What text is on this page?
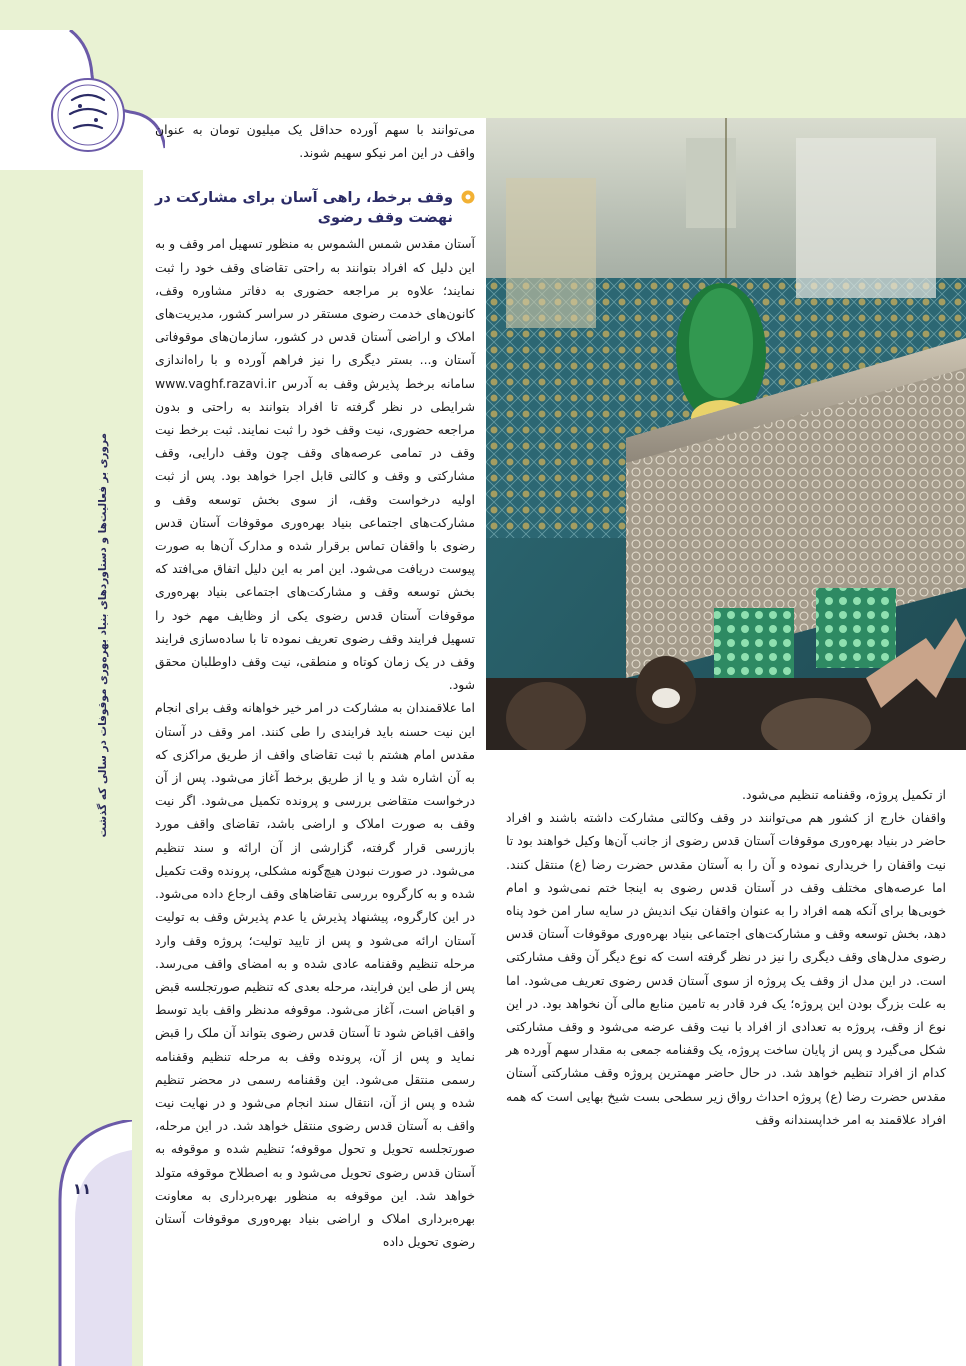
مروری بر فعالیت‌ها و دستاوردهای بنیاد بهره‌وری موقوفات در سالی که گذشت
۱۱

می‌توانند با سهم آورده حداقل یک میلیون تومان به عنوان واقف در این امر نیکو سهیم شوند.

وقف برخط، راهی آسان برای مشارکت در نهضت وقف رضوی

آستان مقدس شمس الشموس به منظور تسهیل امر وقف و به این دلیل که افراد بتوانند به راحتی تقاضای وقف خود را ثبت نمایند؛ علاوه بر مراجعه حضوری به دفاتر مشاوره وقف، کانون‌های خدمت رضوی مستقر در سراسر کشور، مدیریت‌های املاک و اراضی آستان قدس در کشور، سازمان‌های موقوفاتی آستان و... بستر دیگری را نیز فراهم آورده و با راه‌اندازی سامانه برخط پذیرش وقف به آدرس www.vaghf.razavi.ir شرایطی در نظر گرفته تا افراد بتوانند به راحتی و بدون مراجعه حضوری، نیت وقف خود را ثبت نمایند. ثبت برخط نیت وقف در تمامی عرصه‌های وقف چون وقف دارایی، وقف مشارکتی و وقف و کالتی قابل اجرا خواهد بود. پس از ثبت اولیه درخواست وقف، از سوی بخش توسعه وقف و مشارکت‌های اجتماعی بنیاد بهره‌وری موقوفات آستان قدس رضوی با واقفان تماس برقرار شده و مدارک آن‌ها به صورت پیوست دریافت می‌شود. این امر به این دلیل اتفاق می‌افتد که بخش توسعه وقف و مشارکت‌های اجتماعی بنیاد بهره‌وری موقوفات آستان قدس رضوی یکی از وظایف مهم خود را تسهیل فرایند وقف رضوی تعریف نموده تا با ساده‌سازی فرایند وقف در یک زمان کوتاه و منطقی، نیت وقف داوطلبان محقق شود.

اما علاقمندان به مشارکت در امر خیر خواهانه وقف برای انجام این نیت حسنه باید فرایندی را طی کنند. امر وقف در آستان مقدس امام هشتم با ثبت تقاضای واقف از طریق مراکزی که به آن اشاره شد و یا از طریق برخط آغاز می‌شود. پس از آن درخواست متقاضی بررسی و پرونده تکمیل می‌شود. اگر نیت وقف به صورت املاک و اراضی باشد، تقاضای واقف مورد بازرسی قرار گرفته، گزارشی از آن ارائه و سند تنظیم می‌شود. در صورت نبودن هیچ‌گونه مشکلی، پرونده وقت تکمیل شده و به کارگروه بررسی تقاضاهای وقف ارجاع داده می‌شود. در این کارگروه، پیشنهاد پذیرش یا عدم پذیرش وقف به تولیت آستان ارائه می‌شود و پس از تایید تولیت؛ پروژه وقف وارد مرحله تنظیم وقفنامه عادی شده و به امضای واقف می‌رسد. پس از طی این فرایند، مرحله بعدی که تنظیم صورتجلسه قبض و اقباض است، آغاز می‌شود. موقوفه مدنظر واقف باید توسط واقف اقباض شود تا آستان قدس رضوی بتواند آن ملک را قبض نماید و پس از آن، پرونده وقف به مرحله تنظیم وقفنامه رسمی منتقل می‌شود. این وقفنامه رسمی در محضر تنظیم شده و پس از آن، انتقال سند انجام می‌شود و در نهایت نیت واقف به آستان قدس رضوی منتقل خواهد شد. در این مرحله، صورتجلسه تحویل و تحول موقوفه؛ تنظیم شده و موقوفه به آستان قدس رضوی تحویل می‌شود و به اصطلاح موقوفه متولد خواهد شد. این موقوفه به منظور بهره‌برداری به معاونت بهره‌برداری املاک و اراضی بنیاد بهره‌وری موقوفات آستان رضوی تحویل داده

از تکمیل پروژه، وقفنامه تنظیم می‌شود.

واقفان خارج از کشور هم می‌توانند در وقف وکالتی مشارکت داشته باشند و افراد حاضر در بنیاد بهره‌وری موقوفات آستان قدس رضوی از جانب آن‌ها وکیل خواهند بود تا نیت واقفان را خریداری نموده و آن را به آستان مقدس حضرت رضا (ع) منتقل کنند. اما عرصه‌های مختلف وقف در آستان قدس رضوی به اینجا ختم نمی‌شود و امام خوبی‌ها برای آنکه همه افراد را به عنوان واقفان نیک اندیش در سایه سار امن خود پناه دهد، بخش توسعه وقف و مشارکت‌های اجتماعی بنیاد بهره‌وری موقوفات آستان قدس رضوی مدل‌های وقف دیگری را نیز در نظر گرفته است که نوع دیگر آن وقف مشارکتی است. در این مدل از وقف یک پروژه از سوی آستان قدس رضوی تعریف می‌شود. اما به علت بزرگ بودن این پروژه؛ یک فرد قادر به تامین منابع مالی آن نخواهد بود. در این نوع از وقف، پروژه به تعدادی از افراد با نیت وقف عرضه می‌شود و وقف مشارکتی شکل می‌گیرد و پس از پایان ساخت پروژه، یک وقفنامه جمعی به مقدار سهم آورده هر کدام از افراد تنظیم خواهد شد. در حال حاضر مهمترین پروژه وقف مشارکتی آستان مقدس حضرت رضا (ع) پروژه احداث رواق زیر سطحی بست شیخ بهایی است که همه افراد علاقمند به امر خداپسندانه وقف
